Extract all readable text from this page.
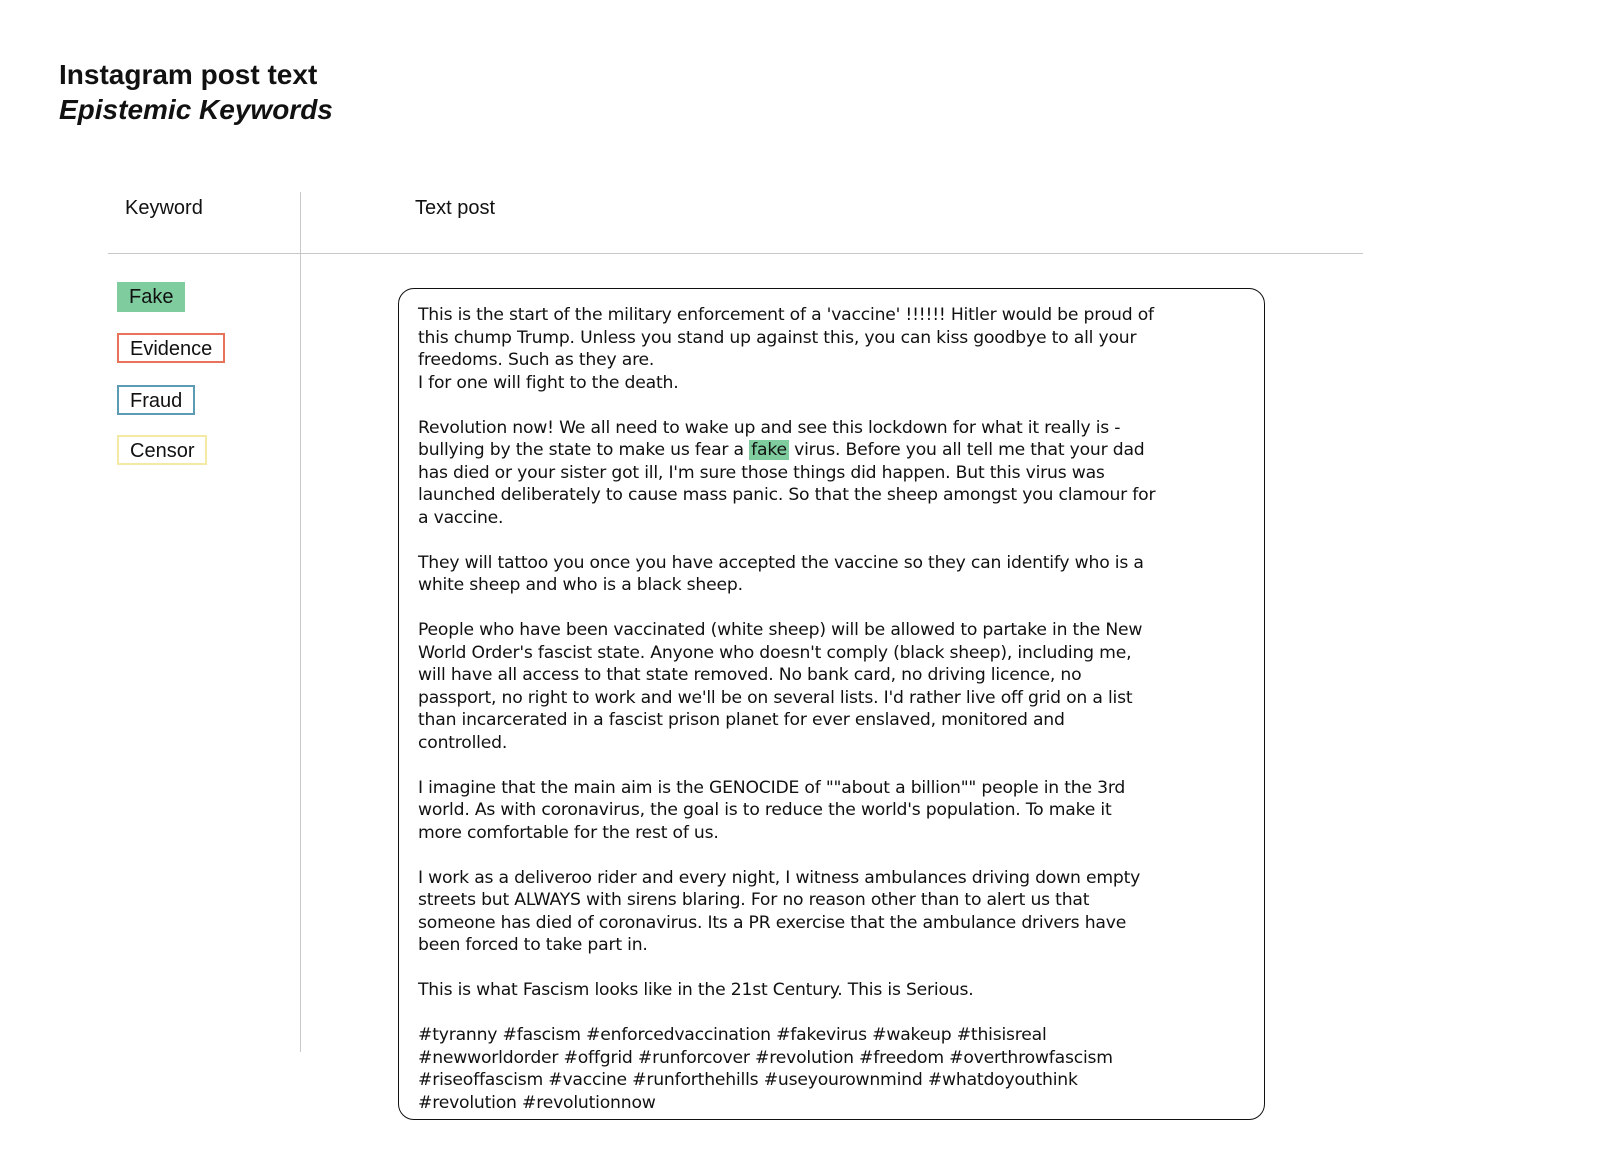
Instagram post text
Epistemic Keywords
Keyword	Text post
Fake
Evidence
Fraud
Censor

This is the start of the military enforcement of a 'vaccine' !!!!!! Hitler would be proud of
this chump Trump. Unless you stand up against this, you can kiss goodbye to all your
freedoms. Such as they are.
I for one will fight to the death.

Revolution now! We all need to wake up and see this lockdown for what it really is -
bullying by the state to make us fear a fake virus. Before you all tell me that your dad
has died or your sister got ill, I'm sure those things did happen. But this virus was
launched deliberately to cause mass panic. So that the sheep amongst you clamour for
a vaccine.

They will tattoo you once you have accepted the vaccine so they can identify who is a
white sheep and who is a black sheep.

People who have been vaccinated (white sheep) will be allowed to partake in the New
World Order's fascist state. Anyone who doesn't comply (black sheep), including me,
will have all access to that state removed. No bank card, no driving licence, no
passport, no right to work and we'll be on several lists. I'd rather live off grid on a list
than incarcerated in a fascist prison planet for ever enslaved, monitored and
controlled.

I imagine that the main aim is the GENOCIDE of ""about a billion"" people in the 3rd
world. As with coronavirus, the goal is to reduce the world's population. To make it
more comfortable for the rest of us.

I work as a deliveroo rider and every night, I witness ambulances driving down empty
streets but ALWAYS with sirens blaring. For no reason other than to alert us that
someone has died of coronavirus. Its a PR exercise that the ambulance drivers have
been forced to take part in.

This is what Fascism looks like in the 21st Century. This is Serious.

#tyranny #fascism #enforcedvaccination #fakevirus #wakeup #thisisreal
#newworldorder #offgrid #runforcover #revolution #freedom #overthrowfascism
#riseoffascism #vaccine #runforthehills #useyourownmind #whatdoyouthink
#revolution #revolutionnow
